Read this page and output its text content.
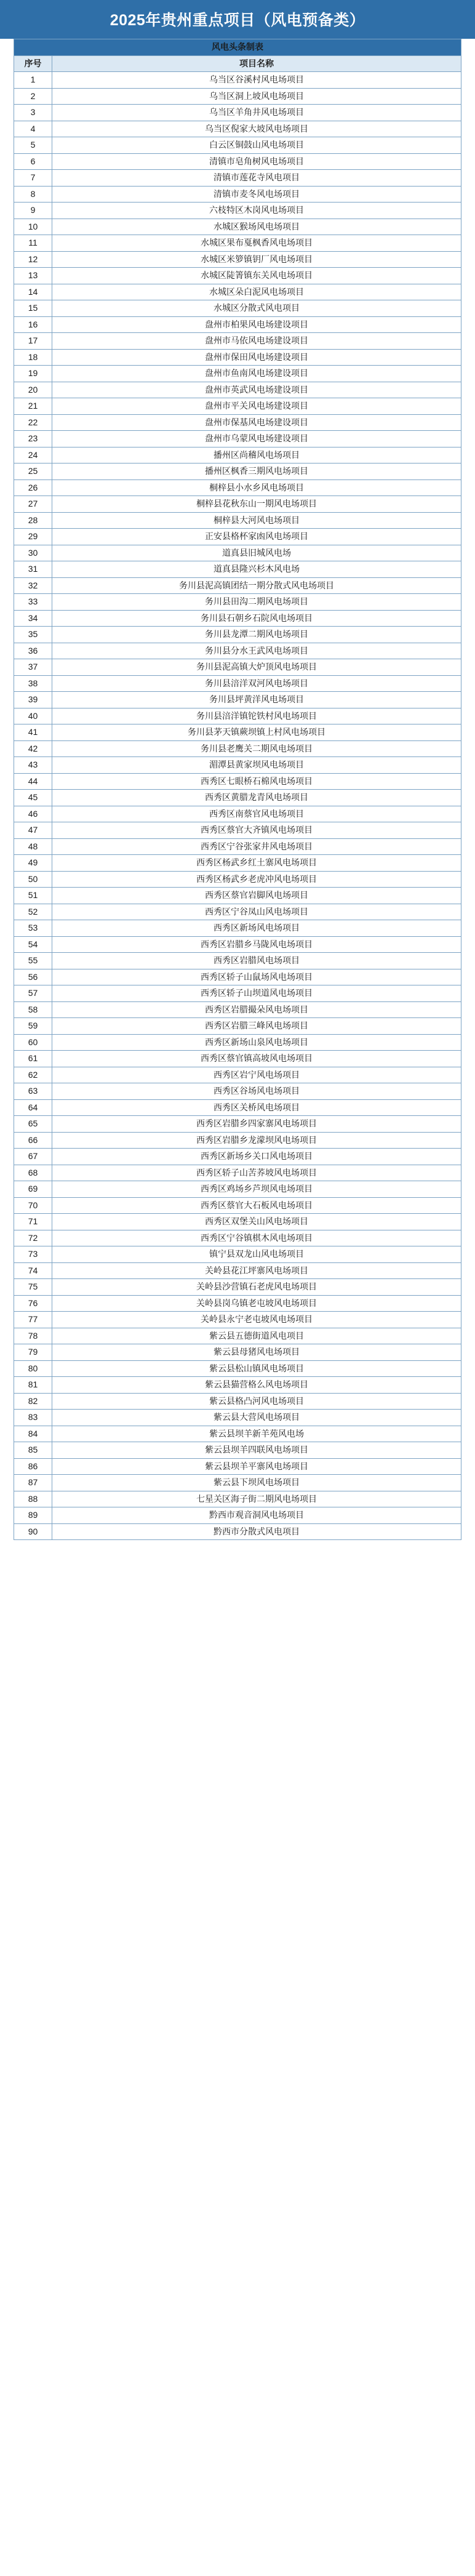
2025年贵州重点项目（风电预备类）
风电头条制表	
序号	项目名称
1	乌当区谷溪村风电场项目
2	乌当区洞上坡风电场项目
3	乌当区羊角井风电场项目
4	乌当区倪家大坡风电场项目
5	白云区铜鼓山风电场项目
6	清镇市皂角树风电场项目
7	清镇市莲花寺风电项目
8	清镇市麦冬风电场项目
9	六枝特区木岗风电场项目
10	水城区猴场风电场项目
11	水城区果布戛枫香风电场项目
12	水城区米箩镇钥厂风电场项目
13	水城区陡箐镇东关风电场项目
14	水城区朵白泥风电场项目
15	水城区分散式风电项目
16	盘州市柏果风电场建设项目
17	盘州市马依风电场建设项目
18	盘州市保田风电场建设项目
19	盘州市鱼南风电场建设项目
20	盘州市英武风电场建设项目
21	盘州市平关风电场建设项目
22	盘州市保基风电场建设项目
23	盘州市乌蒙风电场建设项目
24	播州区尚稽风电场项目
25	播州区枫香三期风电场项目
26	桐梓县小水乡风电场项目
27	桐梓县花秋东山一期风电场项目
28	桐梓县大河风电场项目
29	正安县格杯家凼风电场项目
30	道真县旧城风电场
31	道真县隆兴杉木风电场
32	务川县泥高镇团结一期分散式风电场项目
33	务川县田沟二期风电场项目
34	务川县石朝乡石院风电场项目
35	务川县龙潭二期风电场项目
36	务川县分水王武风电场项目
37	务川县泥高镇大炉顶风电场项目
38	务川县涪洋双河风电场项目
39	务川县坪黄洋风电场项目
40	务川县涪洋镇铊铁村风电场项目
41	务川县茅天镇蕨坝镇上村风电场项目
42	务川县老鹰关二期风电场项目
43	湄潭县黄家坝风电场项目
44	西秀区七眼桥石棉风电场项目
45	西秀区黄腊龙青风电场项目
46	西秀区南蔡官风电场项目
47	西秀区蔡官大齐镇风电场项目
48	西秀区宁谷张家井风电场项目
49	西秀区杨武乡红土寨风电场项目
50	西秀区杨武乡老虎冲风电场项目
51	西秀区蔡官岩脚风电场项目
52	西秀区宁谷凤山风电场项目
53	西秀区新场风电场项目
54	西秀区岩腊乡马陇风电场项目
55	西秀区岩腊风电场项目
56	西秀区轿子山鼠场风电场项目
57	西秀区轿子山坝道风电场项目
58	西秀区岩腊撮朵风电场项目
59	西秀区岩腊三峰风电场项目
60	西秀区新场山泉风电场项目
61	西秀区蔡官镇高坡风电场项目
62	西秀区岩宁风电场项目
63	西秀区谷场风电场项目
64	西秀区关桥风电场项目
65	西秀区岩腊乡四家寨风电场项目
66	西秀区岩腊乡龙濛坝风电场项目
67	西秀区新场乡关口风电场项目
68	西秀区轿子山苦荞坡风电场项目
69	西秀区鸡场乡芦坝风电场项目
70	西秀区蔡官大石板风电场项目
71	西秀区双堡关山风电场项目
72	西秀区宁谷镇棋木风电场项目
73	镇宁县双龙山风电场项目
74	关岭县花江坪寨风电场项目
75	关岭县沙营镇石老虎风电场项目
76	关岭县岗乌镇老屯坡风电场项目
77	关岭县永宁老屯坡风电场项目
78	紫云县五德街道风电项目
79	紫云县母猪风电场项目
80	紫云县松山镇风电场项目
81	紫云县猫营格么风电场项目
82	紫云县格凸河风电场项目
83	紫云县大营风电场项目
84	紫云县坝羊新羊苑风电场
85	紫云县坝羊四联风电场项目
86	紫云县坝羊平寨风电场项目
87	紫云县下坝风电场项目
88	七星关区海子街二期风电场项目
89	黔西市观音洞风电场项目
90	黔西市分散式风电项目
